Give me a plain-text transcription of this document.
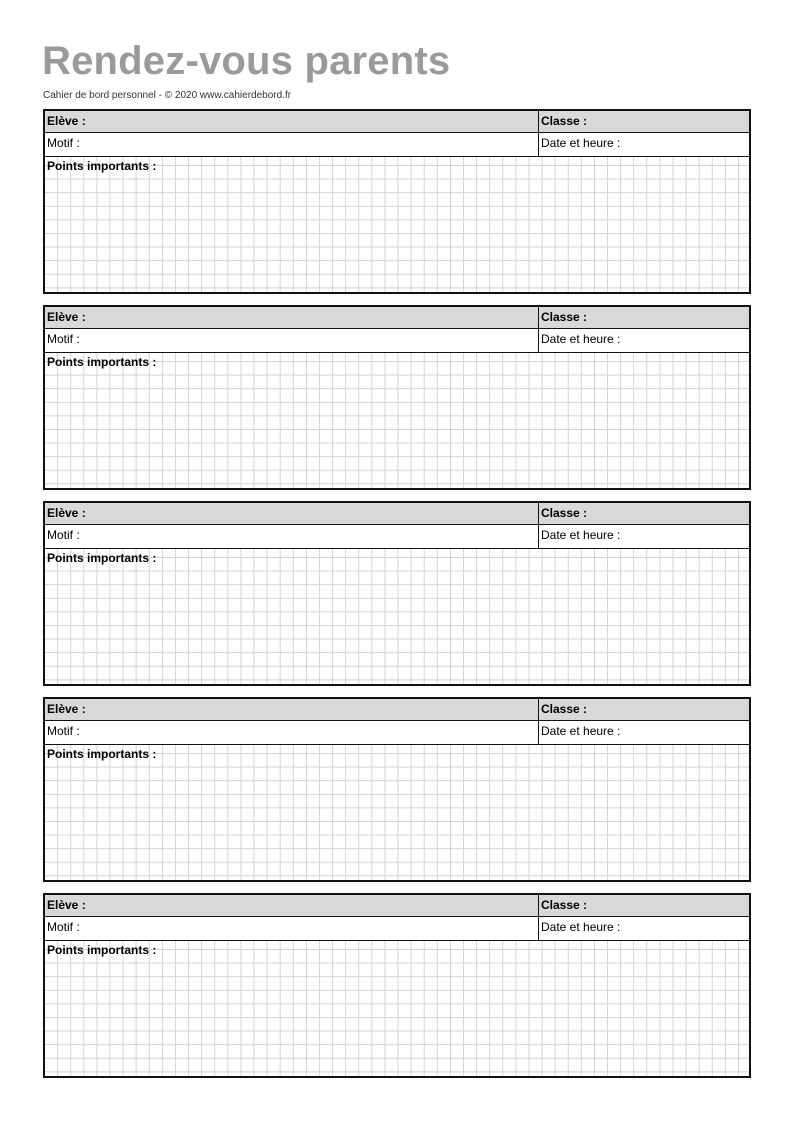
Rendez-vous parents
Cahier de bord personnel - © 2020 www.cahierdebord.fr
Elève :	Classe :
Motif :	Date et heure :
Points importants :
Elève :	Classe :
Motif :	Date et heure :
Points importants :
Elève :	Classe :
Motif :	Date et heure :
Points importants :
Elève :	Classe :
Motif :	Date et heure :
Points importants :
Elève :	Classe :
Motif :	Date et heure :
Points importants :
